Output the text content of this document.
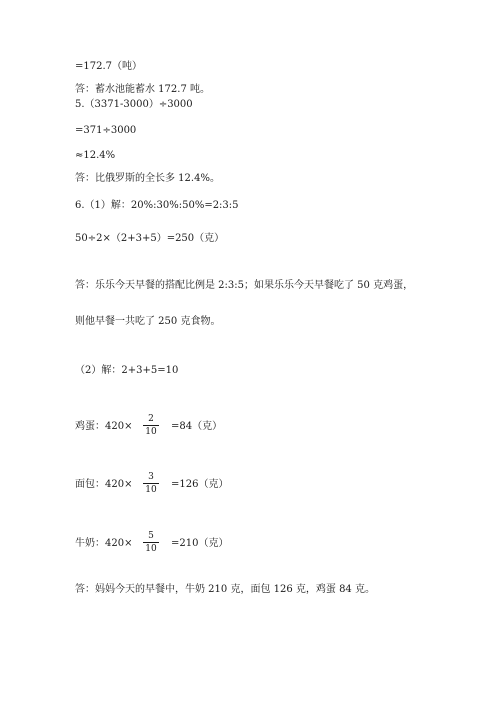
=172.7（吨）
答：蓄水池能蓄水 172.7 吨。
5.（3371-3000）÷3000
=371÷3000
≈12.4%
答：比俄罗斯的全长多 12.4%。
6.（1）解：20%:30%:50%=2:3:5
50÷2×（2+3+5）=250（克）
答：乐乐今天早餐的搭配比例是 2:3:5；如果乐乐今天早餐吃了 50 克鸡蛋，
则他早餐一共吃了 250 克食物。
（2）解：2+3+5=10
鸡蛋：420×
2
10 =84（克）
面包：420×
3
10 =126（克）
牛奶：420×
5
10 =210（克）
答：妈妈今天的早餐中，牛奶 210 克，面包 126 克，鸡蛋 84 克。
